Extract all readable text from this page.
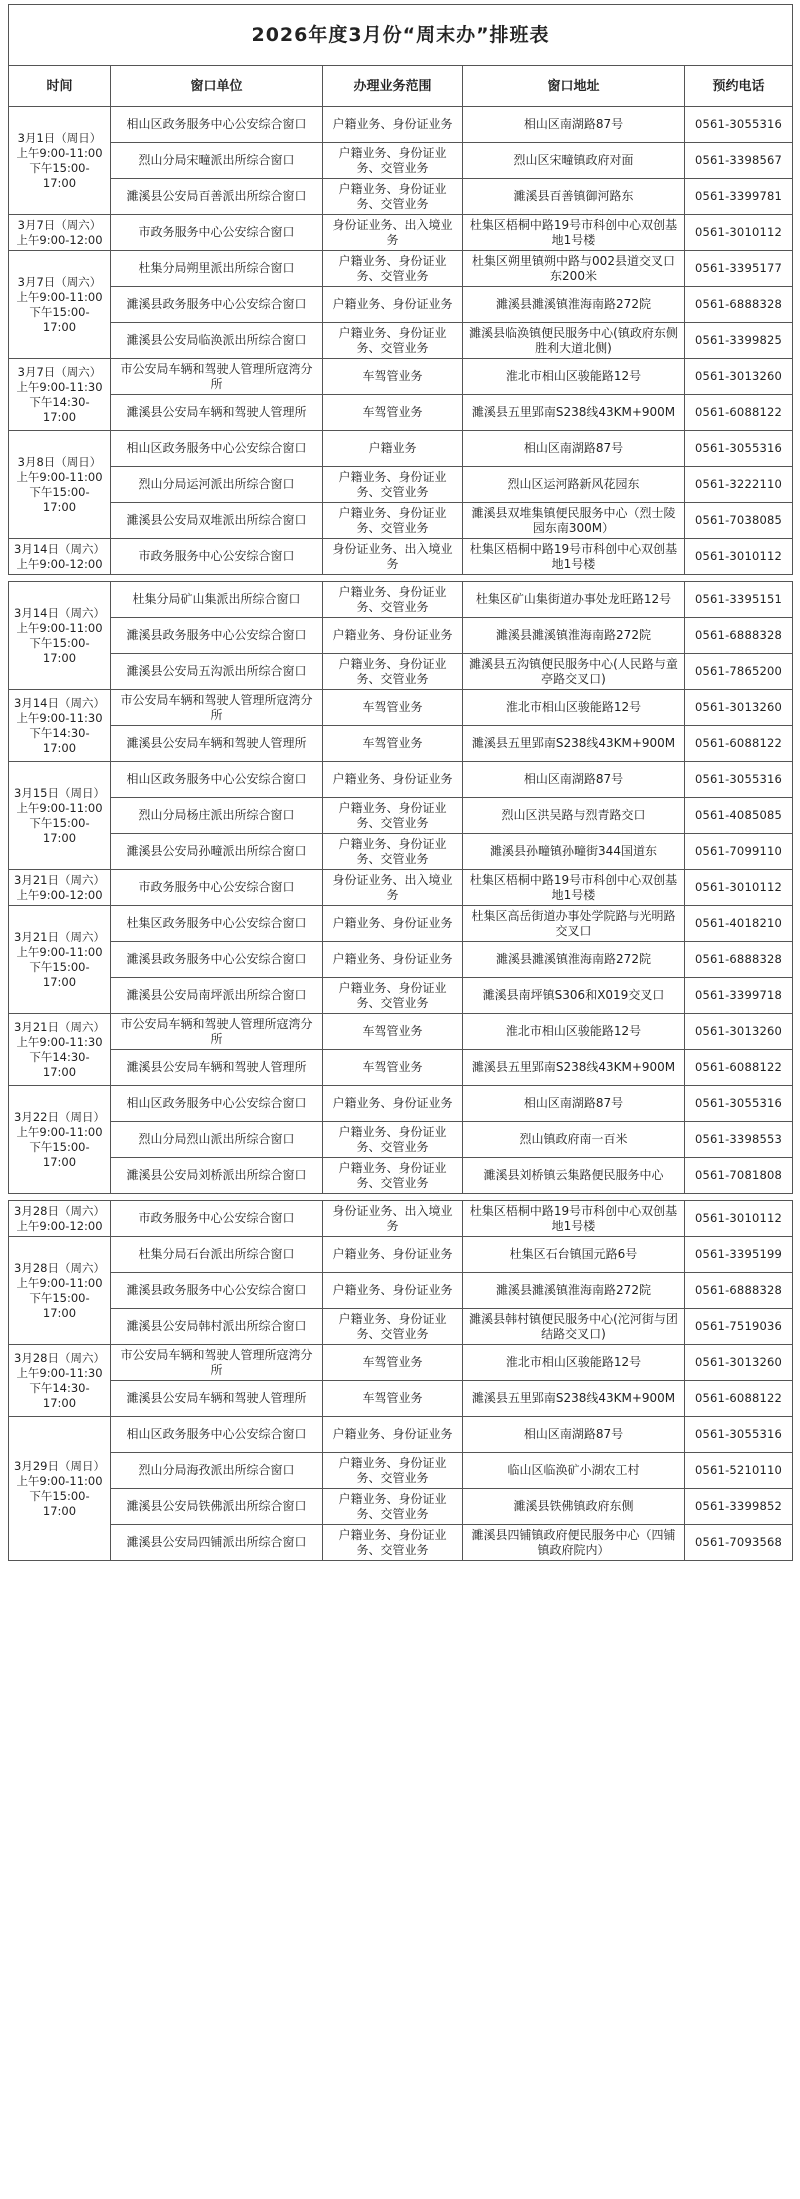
2026年度3月份“周末办”排班表				
时间	窗口单位	办理业务范围	窗口地址	预约电话
3月1日（周日）上午9:00-11:00 下午15:00-17:00	相山区政务服务中心公安综合窗口	户籍业务、身份证业务	相山区南湖路87号	0561-3055316
	烈山分局宋疃派出所综合窗口	户籍业务、身份证业务、交管业务	烈山区宋疃镇政府对面	0561-3398567
	濉溪县公安局百善派出所综合窗口	户籍业务、身份证业务、交管业务	濉溪县百善镇御河路东	0561-3399781
3月7日（周六）上午9:00-12:00	市政务服务中心公安综合窗口	身份证业务、出入境业务	杜集区梧桐中路19号市科创中心双创基地1号楼	0561-3010112
3月7日（周六）上午9:00-11:00 下午15:00-17:00	杜集分局朔里派出所综合窗口	户籍业务、身份证业务、交管业务	杜集区朔里镇朔中路与002县道交叉口东200米	0561-3395177
	濉溪县政务服务中心公安综合窗口	户籍业务、身份证业务	濉溪县濉溪镇淮海南路272院	0561-6888328
	濉溪县公安局临涣派出所综合窗口	户籍业务、身份证业务、交管业务	濉溪县临涣镇便民服务中心(镇政府东侧胜利大道北侧)	0561-3399825
3月7日（周六）上午9:00-11:30 下午14:30-17:00	市公安局车辆和驾驶人管理所寇湾分所	车驾管业务	淮北市相山区骏能路12号	0561-3013260
	濉溪县公安局车辆和驾驶人管理所	车驾管业务	濉溪县五里郢南S238线43KM+900M	0561-6088122
3月8日（周日）上午9:00-11:00 下午15:00-17:00	相山区政务服务中心公安综合窗口	户籍业务	相山区南湖路87号	0561-3055316
	烈山分局运河派出所综合窗口	户籍业务、身份证业务、交管业务	烈山区运河路新风花园东	0561-3222110
	濉溪县公安局双堆派出所综合窗口	户籍业务、身份证业务、交管业务	濉溪县双堆集镇便民服务中心（烈士陵园东南300M）	0561-7038085
3月14日（周六）上午9:00-12:00	市政务服务中心公安综合窗口	身份证业务、出入境业务	杜集区梧桐中路19号市科创中心双创基地1号楼	0561-3010112

3月14日（周六）上午9:00-11:00下午15:00-17:00	杜集分局矿山集派出所综合窗口	户籍业务、身份证业务、交管业务	杜集区矿山集街道办事处龙旺路12号	0561-3395151
	濉溪县政务服务中心公安综合窗口	户籍业务、身份证业务	濉溪县濉溪镇淮海南路272院	0561-6888328
	濉溪县公安局五沟派出所综合窗口	户籍业务、身份证业务、交管业务	濉溪县五沟镇便民服务中心(人民路与童亭路交叉口)	0561-7865200
3月14日（周六）上午9:00-11:30下午14:30-17:00	市公安局车辆和驾驶人管理所寇湾分所	车驾管业务	淮北市相山区骏能路12号	0561-3013260
	濉溪县公安局车辆和驾驶人管理所	车驾管业务	濉溪县五里郢南S238线43KM+900M	0561-6088122
3月15日（周日）上午9:00-11:00下午15:00-17:00	相山区政务服务中心公安综合窗口	户籍业务、身份证业务	相山区南湖路87号	0561-3055316
	烈山分局杨庄派出所综合窗口	户籍业务、身份证业务、交管业务	烈山区洪吴路与烈青路交口	0561-4085085
	濉溪县公安局孙疃派出所综合窗口	户籍业务、身份证业务、交管业务	濉溪县孙疃镇孙疃街344国道东	0561-7099110
3月21日（周六）上午9:00-12:00	市政务服务中心公安综合窗口	身份证业务、出入境业务	杜集区梧桐中路19号市科创中心双创基地1号楼	0561-3010112
3月21日（周六）上午9:00-11:00下午15:00-17:00	杜集区政务服务中心公安综合窗口	户籍业务、身份证业务	杜集区高岳街道办事处学院路与光明路交叉口	0561-4018210
	濉溪县政务服务中心公安综合窗口	户籍业务、身份证业务	濉溪县濉溪镇淮海南路272院	0561-6888328
	濉溪县公安局南坪派出所综合窗口	户籍业务、身份证业务、交管业务	濉溪县南坪镇S306和X019交叉口	0561-3399718
3月21日（周六）上午9:00-11:30下午14:30-17:00	市公安局车辆和驾驶人管理所寇湾分所	车驾管业务	淮北市相山区骏能路12号	0561-3013260
	濉溪县公安局车辆和驾驶人管理所	车驾管业务	濉溪县五里郢南S238线43KM+900M	0561-6088122
3月22日（周日）上午9:00-11:00下午15:00-17:00	相山区政务服务中心公安综合窗口	户籍业务、身份证业务	相山区南湖路87号	0561-3055316
	烈山分局烈山派出所综合窗口	户籍业务、身份证业务、交管业务	烈山镇政府南一百米	0561-3398553
	濉溪县公安局刘桥派出所综合窗口	户籍业务、身份证业务、交管业务	濉溪县刘桥镇云集路便民服务中心	0561-7081808

3月28日（周六）上午9:00-12:00	市政务服务中心公安综合窗口	身份证业务、出入境业务	杜集区梧桐中路19号市科创中心双创基地1号楼	0561-3010112
3月28日（周六）上午9:00-11:00下午15:00-17:00	杜集分局石台派出所综合窗口	户籍业务、身份证业务	杜集区石台镇国元路6号	0561-3395199
	濉溪县政务服务中心公安综合窗口	户籍业务、身份证业务	濉溪县濉溪镇淮海南路272院	0561-6888328
	濉溪县公安局韩村派出所综合窗口	户籍业务、身份证业务、交管业务	濉溪县韩村镇便民服务中心(沱河街与团结路交叉口)	0561-7519036
3月28日（周六）上午9:00-11:30下午14:30-17:00	市公安局车辆和驾驶人管理所寇湾分所	车驾管业务	淮北市相山区骏能路12号	0561-3013260
	濉溪县公安局车辆和驾驶人管理所	车驾管业务	濉溪县五里郢南S238线43KM+900M	0561-6088122
3月29日（周日）上午9:00-11:00下午15:00-17:00	相山区政务服务中心公安综合窗口	户籍业务、身份证业务	相山区南湖路87号	0561-3055316
	烈山分局海孜派出所综合窗口	户籍业务、身份证业务、交管业务	临山区临涣矿小湖农工村	0561-5210110
	濉溪县公安局铁佛派出所综合窗口	户籍业务、身份证业务、交管业务	濉溪县铁佛镇政府东侧	0561-3399852
	濉溪县公安局四铺派出所综合窗口	户籍业务、身份证业务、交管业务	濉溪县四铺镇政府便民服务中心（四铺镇政府院内）	0561-7093568
